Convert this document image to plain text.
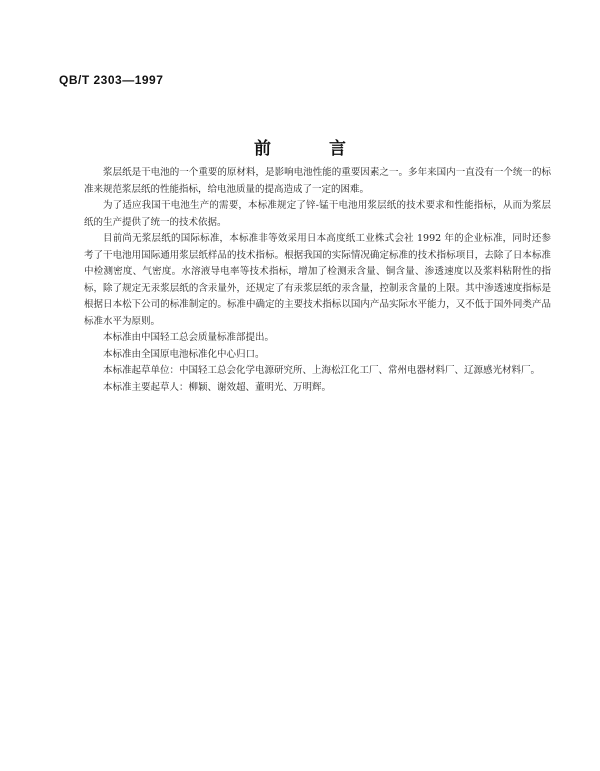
QB/T 2303—1997
前 言

浆层纸是干电池的一个重要的原材料，是影响电池性能的重要因素之一。多年来国内一直没有一个统一的标准来规范浆层纸的性能指标，给电池质量的提高造成了一定的困难。

为了适应我国干电池生产的需要，本标准规定了锌-锰干电池用浆层纸的技术要求和性能指标，从而为浆层纸的生产提供了统一的技术依据。

目前尚无浆层纸的国际标准，本标准非等效采用日本高度纸工业株式会社 1992 年的企业标准，同时还参考了干电池用国际通用浆层纸样品的技术指标。根据我国的实际情况确定标准的技术指标项目，去除了日本标准中检测密度、气密度。水溶液导电率等技术指标，增加了检测汞含量、铜含量、渗透速度以及浆料粘附性的指标，除了规定无汞浆层纸的含汞量外，还规定了有汞浆层纸的汞含量，控制汞含量的上限。其中渗透速度指标是根据日本松下公司的标准制定的。标准中确定的主要技术指标以国内产品实际水平能力，又不低于国外同类产品标准水平为原则。

本标准由中国轻工总会质量标准部提出。

本标准由全国原电池标准化中心归口。

本标准起草单位：中国轻工总会化学电源研究所、上海松江化工厂、常州电器材料厂、辽源感光材料厂。

本标准主要起草人：柳颖、谢效超、董明光、万明辉。
